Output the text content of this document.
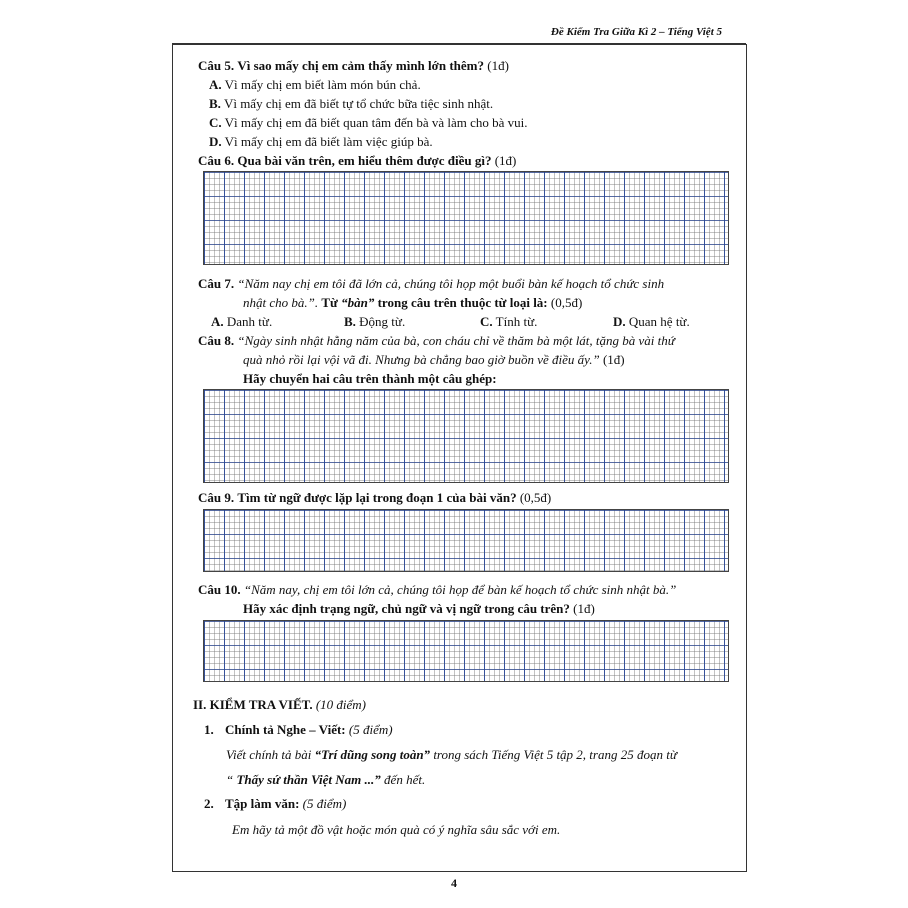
Đề Kiểm Tra Giữa Kì 2 – Tiếng Việt 5
Câu 5. Vì sao mấy chị em cảm thấy mình lớn thêm? (1đ)
A. Vì mấy chị em biết làm món bún chả.
B. Vì mấy chị em đã biết tự tổ chức bữa tiệc sinh nhật.
C. Vì mấy chị em đã biết quan tâm đến bà và làm cho bà vui.
D. Vì mấy chị em đã biết làm việc giúp bà.
Câu 6. Qua bài văn trên, em hiểu thêm được điều gì? (1đ)
Câu 7. “Năm nay chị em tôi đã lớn cả, chúng tôi họp một buổi bàn kế hoạch tổ chức sinh
nhật cho bà.”. Từ “bàn” trong câu trên thuộc từ loại là: (0,5đ)
A. Danh từ.	B. Động từ.	C. Tính từ.	D. Quan hệ từ.
Câu 8. “Ngày sinh nhật hằng năm của bà, con cháu chỉ về thăm bà một lát, tặng bà vài thứ
quà nhỏ rồi lại vội vã đi. Nhưng bà chẳng bao giờ buồn về điều ấy.” (1đ)
Hãy chuyển hai câu trên thành một câu ghép:
Câu 9. Tìm từ ngữ được lặp lại trong đoạn 1 của bài văn? (0,5đ)
Câu 10. “Năm nay, chị em tôi lớn cả, chúng tôi họp để bàn kế hoạch tổ chức sinh nhật bà.”
Hãy xác định trạng ngữ, chủ ngữ và vị ngữ trong câu trên? (1đ)
II. KIỂM TRA VIẾT. (10 điểm)
1. Chính tả Nghe – Viết: (5 điểm)
Viết chính tả bài “Trí dũng song toàn” trong sách Tiếng Việt 5 tập 2, trang 25 đoạn từ
“ Thấy sứ thần Việt Nam ...” đến hết.
2. Tập làm văn: (5 điểm)
Em hãy tả một đồ vật hoặc món quà có ý nghĩa sâu sắc với em.
4
